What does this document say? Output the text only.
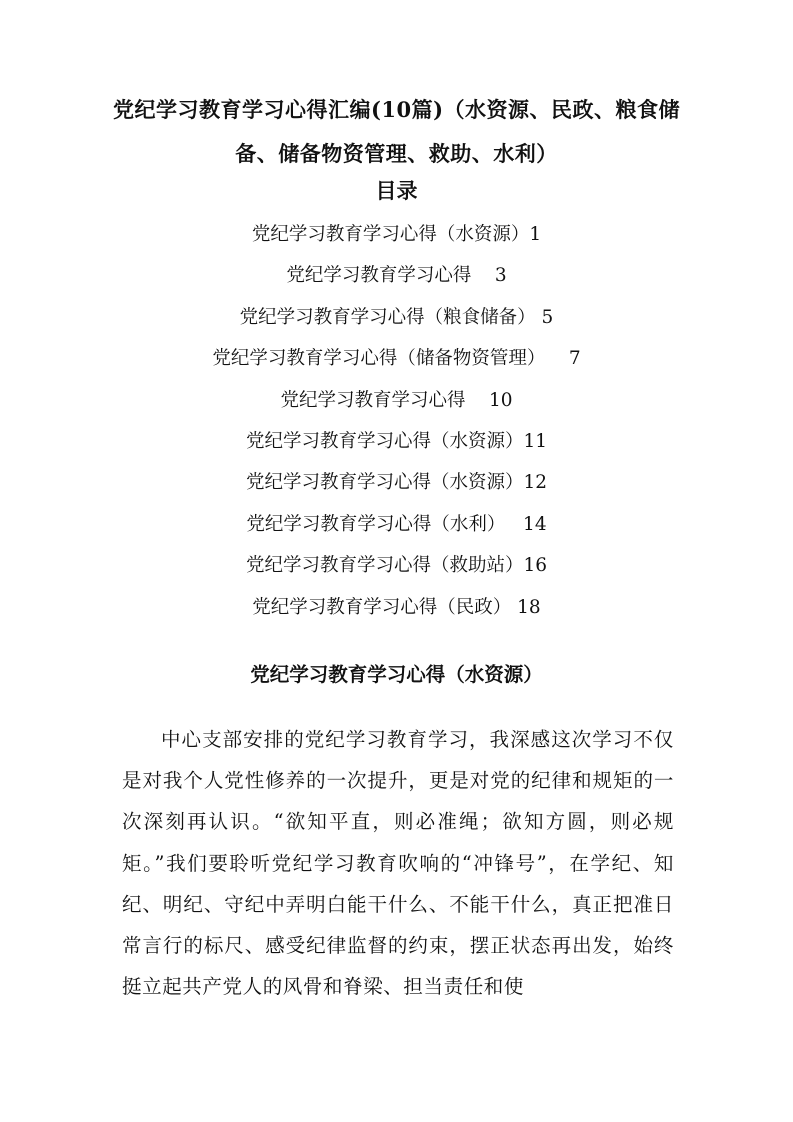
党纪学习教育学习心得汇编(10篇)（水资源、民政、粮食储备、储备物资管理、救助、水利）
目录
党纪学习教育学习心得（水资源）1
党纪学习教育学习心得    3
党纪学习教育学习心得（粮食储备） 5
党纪学习教育学习心得（储备物资管理）    7
党纪学习教育学习心得    10
党纪学习教育学习心得（水资源）11
党纪学习教育学习心得（水资源）12
党纪学习教育学习心得（水利）   14
党纪学习教育学习心得（救助站）16
党纪学习教育学习心得（民政） 18
党纪学习教育学习心得（水资源）
中心支部安排的党纪学习教育学习，我深感这次学习不仅是对我个人党性修养的一次提升，更是对党的纪律和规矩的一次深刻再认识。“欲知平直，则必准绳；欲知方圆，则必规矩。”我们要聆听党纪学习教育吹响的“冲锋号”，在学纪、知纪、明纪、守纪中弄明白能干什么、不能干什么，真正把准日常言行的标尺、感受纪律监督的约束，摆正状态再出发，始终挺立起共产党人的风骨和脊梁、担当责任和使
